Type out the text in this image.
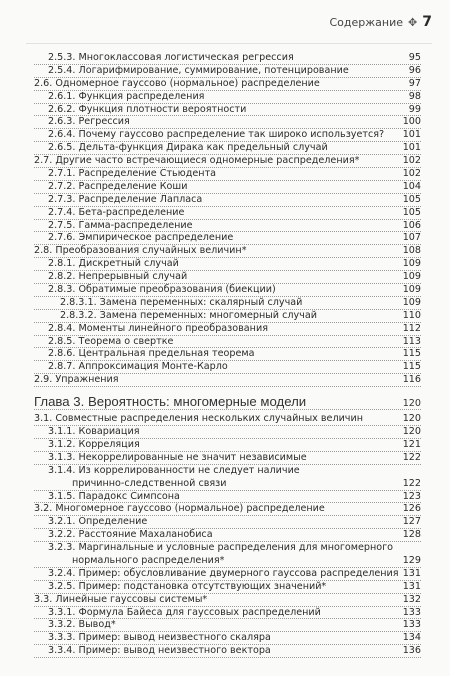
Содержание ✥ 7
2.5.3. Многоклассовая логистическая регрессия	95
2.5.4. Логарифмирование, суммирование, потенцирование	96
2.6. Одномерное гауссово (нормальное) распределение	97
2.6.1. Функция распределения	98
2.6.2. Функция плотности вероятности	99
2.6.3. Регрессия	100
2.6.4. Почему гауссово распределение так широко используется? 101
2.6.5. Дельта-функция Дирака как предельный случай	101
2.7. Другие часто встречающиеся одномерные распределения*	102
2.7.1. Распределение Стьюдента	102
2.7.2. Распределение Коши	104
2.7.3. Распределение Лапласа	105
2.7.4. Бета-распределение	105
2.7.5. Гамма-распределение	106
2.7.6. Эмпирическое распределение	107
2.8. Преобразования случайных величин*	108
2.8.1. Дискретный случай	109
2.8.2. Непрерывный случай	109
2.8.3. Обратимые преобразования (биекции)	109
2.8.3.1. Замена переменных: скалярный случай	109
2.8.3.2. Замена переменных: многомерный случай	110
2.8.4. Моменты линейного преобразования	112
2.8.5. Теорема о свертке	113
2.8.6. Центральная предельная теорема	115
2.8.7. Аппроксимация Монте-Карло	115
2.9. Упражнения	116
Глава 3. Вероятность: многомерные модели	120
3.1. Совместные распределения нескольких случайных величин	120
3.1.1. Ковариация	120
3.1.2. Корреляция	121
3.1.3. Некоррелированные не значит независимые	122
3.1.4. Из коррелированности не следует наличие
причинно-следственной связи	122
3.1.5. Парадокс Симпсона	123
3.2. Многомерное гауссово (нормальное) распределение	126
3.2.1. Определение	127
3.2.2. Расстояние Махаланобиса	128
3.2.3. Маргинальные и условные распределения для многомерного
нормального распределения*	129
3.2.4. Пример: обусловливание двумерного гауссова распределения 131
3.2.5. Пример: подстановка отсутствующих значений*	131
3.3. Линейные гауссовы системы*	132
3.3.1. Формула Байеса для гауссовых распределений	133
3.3.2. Вывод*	133
3.3.3. Пример: вывод неизвестного скаляра	134
3.3.4. Пример: вывод неизвестного вектора	136
